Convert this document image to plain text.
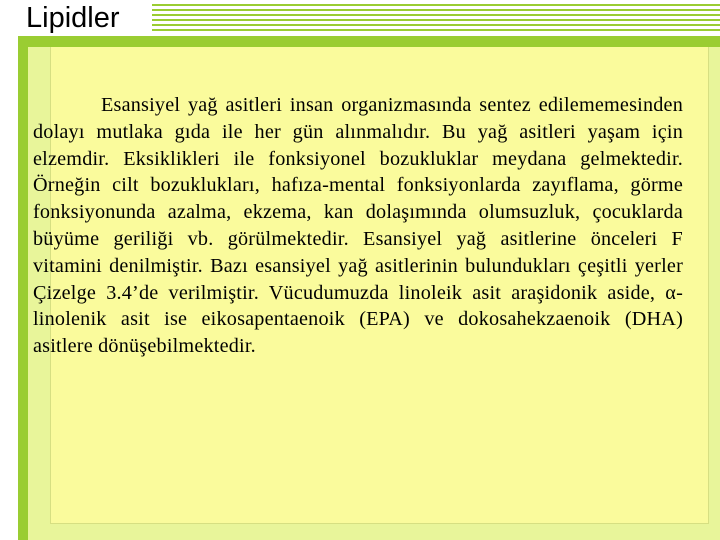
Lipidler
Esansiyel yağ asitleri insan organizmasında sentez edilememesinden dolayı mutlaka gıda ile her gün alınmalıdır. Bu yağ asitleri yaşam için elzemdir. Eksiklikleri ile fonksiyonel bozukluklar meydana gelmektedir. Örneğin cilt bozuklukları, hafıza-mental fonksiyonlarda zayıflama, görme fonksiyonunda azalma, ekzema, kan dolaşımında olumsuzluk, çocuklarda büyüme geriliği vb. görülmektedir. Esansiyel yağ asitlerine önceleri F vitamini denilmiştir. Bazı esansiyel yağ asitlerinin bulundukları çeşitli yerler Çizelge 3.4’de verilmiştir. Vücudumuzda linoleik asit araşidonik aside, α-linolenik asit ise eikosapentaenoik (EPA) ve dokosahekzaenoik (DHA) asitlere dönüşebilmektedir.
